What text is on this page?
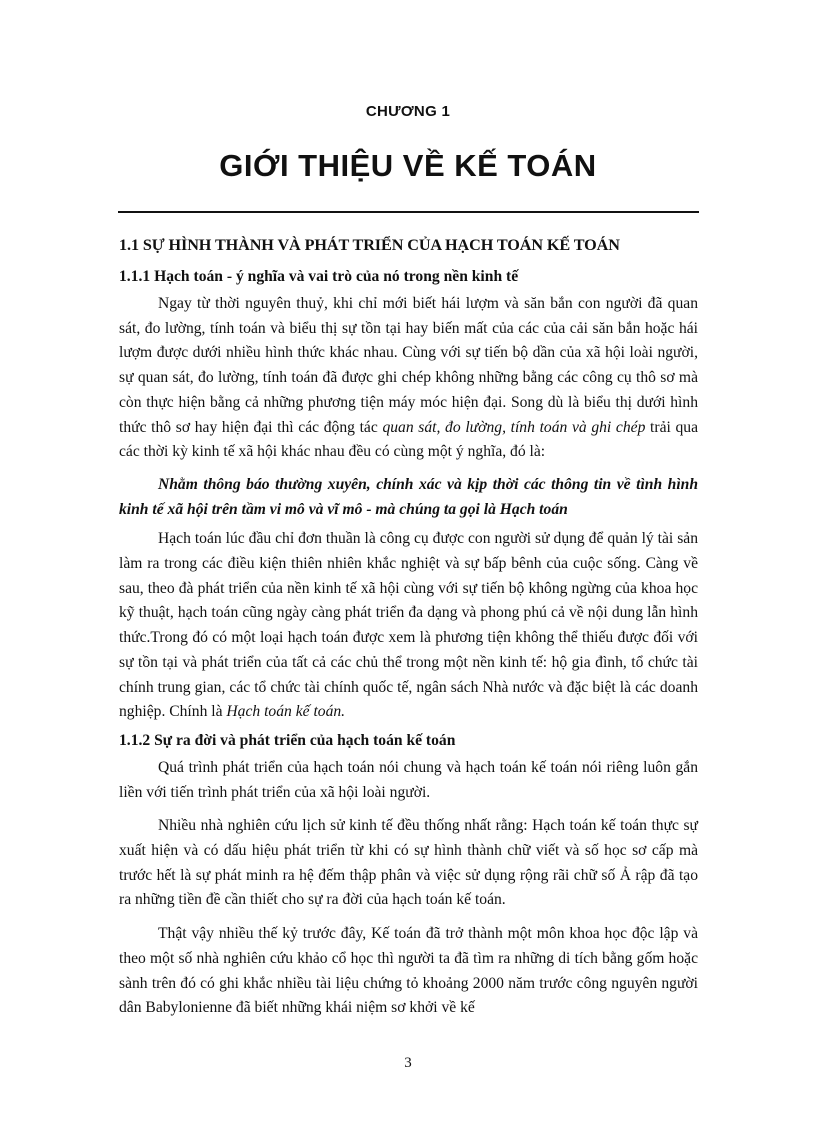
CHƯƠNG 1
GIỚI THIỆU VỀ KẾ TOÁN
1.1 SỰ HÌNH THÀNH VÀ PHÁT TRIỂN CỦA HẠCH TOÁN KẾ TOÁN
1.1.1 Hạch toán - ý nghĩa và vai trò của nó trong nền kinh tế

Ngay từ thời nguyên thuỷ, khi chỉ mới biết hái lượm và săn bắn con người đã quan sát, đo lường, tính toán và biểu thị sự tồn tại hay biến mất của các của cải săn bắn hoặc hái lượm được dưới nhiều hình thức khác nhau. Cùng với sự tiến bộ dần của xã hội loài người, sự quan sát, đo lường, tính toán đã được ghi chép không những bằng các công cụ thô sơ mà còn thực hiện bằng cả những phương tiện máy móc hiện đại. Song dù là biểu thị dưới hình thức thô sơ hay hiện đại thì các động tác quan sát, đo lường, tính toán và ghi chép trải qua các thời kỳ kinh tế xã hội khác nhau đều có cùng một ý nghĩa, đó là:

Nhằm thông báo thường xuyên, chính xác và kịp thời các thông tin về tình hình kinh tế xã hội trên tầm vi mô và vĩ mô - mà chúng ta gọi là Hạch toán

Hạch toán lúc đầu chỉ đơn thuần là công cụ được con người sử dụng để quản lý tài sản làm ra trong các điều kiện thiên nhiên khắc nghiệt và sự bấp bênh của cuộc sống. Càng về sau, theo đà phát triển của nền kinh tế xã hội cùng với sự tiến bộ không ngừng của khoa học kỹ thuật, hạch toán cũng ngày càng phát triển đa dạng và phong phú cả về nội dung lẫn hình thức.Trong đó có một loại hạch toán được xem là phương tiện không thể thiếu được đối với sự tồn tại và phát triển của tất cả các chủ thể trong một nền kinh tế: hộ gia đình, tổ chức tài chính trung gian, các tổ chức tài chính quốc tế, ngân sách Nhà nước và đặc biệt là các doanh nghiệp. Chính là Hạch toán kế toán.

1.1.2 Sự ra đời và phát triển của hạch toán kế toán

Quá trình phát triển của hạch toán nói chung và hạch toán kế toán nói riêng luôn gắn liền với tiến trình phát triển của xã hội loài người.

Nhiều nhà nghiên cứu lịch sử kinh tế đều thống nhất rằng: Hạch toán kế toán thực sự xuất hiện và có dấu hiệu phát triển từ khi có sự hình thành chữ viết và số học sơ cấp mà trước hết là sự phát minh ra hệ đếm thập phân và việc sử dụng rộng rãi chữ số Ả rập đã tạo ra những tiền đề cần thiết cho sự ra đời của hạch toán kế toán.

Thật vậy nhiều thế kỷ trước đây, Kế toán đã trở thành một môn khoa học độc lập và theo một số nhà nghiên cứu khảo cổ học thì người ta đã tìm ra những di tích bằng gốm hoặc sành trên đó có ghi khắc nhiều tài liệu chứng tỏ khoảng 2000 năm trước công nguyên người dân Babylonienne đã biết những khái niệm sơ khởi về kế

3
